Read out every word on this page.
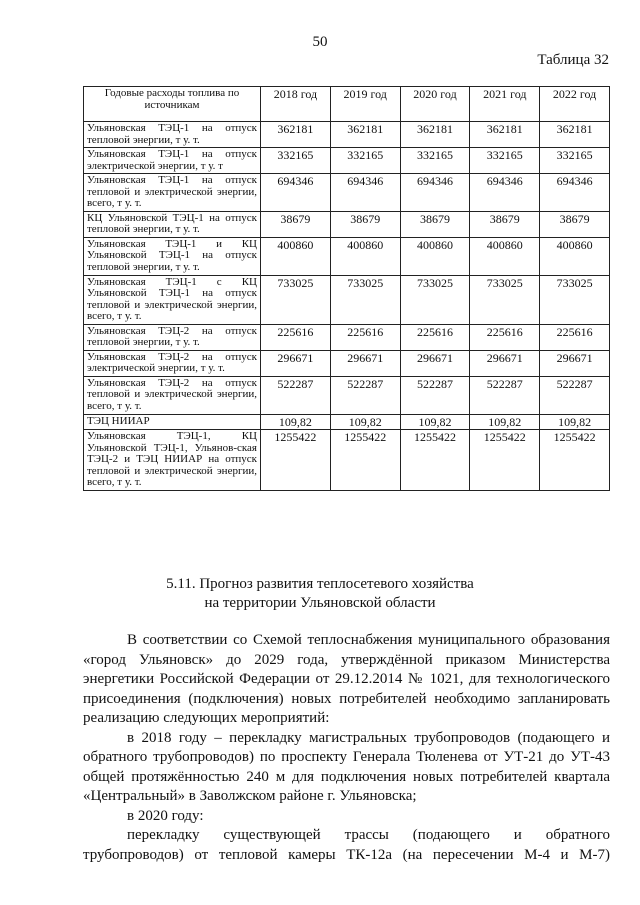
50
Таблица 32
Годовые расходы топлива по источникам	2018 год	2019 год	2020 год	2021 год	2022 год
Ульяновская ТЭЦ-1 на отпуск тепловой энергии, т у. т.	362181	362181	362181	362181	362181
Ульяновская ТЭЦ-1 на отпуск электрической энергии, т у. т	332165	332165	332165	332165	332165
Ульяновская ТЭЦ-1 на отпуск тепловой и электрической энергии, всего, т у. т.	694346	694346	694346	694346	694346
КЦ Ульяновской ТЭЦ-1 на отпуск тепловой энергии, т у. т.	38679	38679	38679	38679	38679
Ульяновская ТЭЦ-1 и КЦ Ульяновской ТЭЦ-1 на отпуск тепловой энергии, т у. т.	400860	400860	400860	400860	400860
Ульяновская ТЭЦ-1 с КЦ Ульяновской ТЭЦ-1 на отпуск тепловой и электрической энергии, всего, т у. т.	733025	733025	733025	733025	733025
Ульяновская ТЭЦ-2 на отпуск тепловой энергии, т у. т.	225616	225616	225616	225616	225616
Ульяновская ТЭЦ-2 на отпуск электрической энергии, т у. т.	296671	296671	296671	296671	296671
Ульяновская ТЭЦ-2 на отпуск тепловой и электрической энергии, всего, т у. т.	522287	522287	522287	522287	522287
ТЭЦ НИИАР	109,82	109,82	109,82	109,82	109,82
Ульяновская ТЭЦ-1, КЦ Ульяновской ТЭЦ-1, Ульянов-ская ТЭЦ-2 и ТЭЦ НИИАР на отпуск тепловой и электрической энергии, всего, т у. т.	1255422	1255422	1255422	1255422	1255422
5.11. Прогноз развития теплосетевого хозяйства
на территории Ульяновской области

В соответствии со Схемой теплоснабжения муниципального образования «город Ульяновск» до 2029 года, утверждённой приказом Министерства энергетики Российской Федерации от 29.12.2014 № 1021, для технологического присоединения (подключения) новых потребителей необходимо запланировать реализацию следующих мероприятий:

в 2018 году – перекладку магистральных трубопроводов (подающего и обратного трубопроводов) по проспекту Генерала Тюленева от УТ-21 до УТ-43 общей протяжённостью 240 м для подключения новых потребителей квартала «Центральный» в Заволжском районе г. Ульяновска;

в 2020 году:

перекладку существующей трассы (подающего и обратного трубопроводов) от тепловой камеры ТК-12а (на пересечении М-4 и М-7)
